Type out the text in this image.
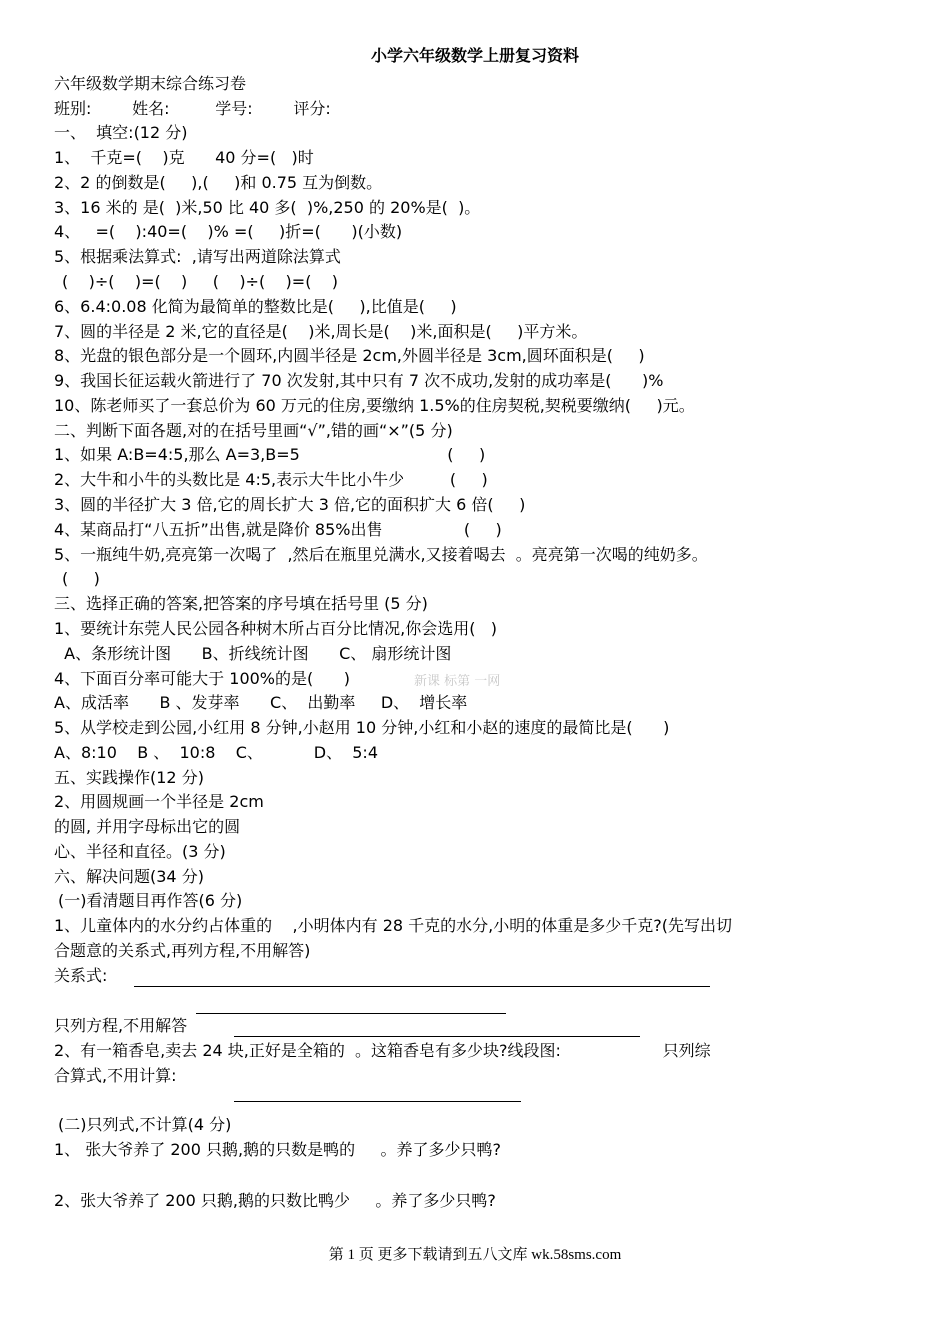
小学六年级数学上册复习资料
六年级数学期末综合练习卷
班别:        姓名:         学号:        评分:
一、  填空:(12 分)
1、  千克=(    )克      40 分=(   )时
2、2 的倒数是(     ),(     )和 0.75 互为倒数。
3、16 米的 是(  )米,50 比 40 多(  )%,250 的 20%是(  )。
4、   =(    ):40=(    )% =(     )折=(      )(小数)
5、根据乘法算式:  ,请写出两道除法算式
(    )÷(    )=(    )     (    )÷(    )=(    )
6、6.4:0.08 化简为最简单的整数比是(     ),比值是(     )
7、圆的半径是 2 米,它的直径是(    )米,周长是(    )米,面积是(     )平方米。
8、光盘的银色部分是一个圆环,内圆半径是 2cm,外圆半径是 3cm,圆环面积是(     )
9、我国长征运载火箭进行了 70 次发射,其中只有 7 次不成功,发射的成功率是(      )%
10、陈老师买了一套总价为 60 万元的住房,要缴纳 1.5%的住房契税,契税要缴纳(     )元。
二、判断下面各题,对的在括号里画“√”,错的画“×”(5 分)
1、如果 A:B=4:5,那么 A=3,B=5                             (     )
2、大牛和小牛的头数比是 4:5,表示大牛比小牛少         (     )
3、圆的半径扩大 3 倍,它的周长扩大 3 倍,它的面积扩大 6 倍(     )
4、某商品打“八五折”出售,就是降价 85%出售                (     )
5、一瓶纯牛奶,亮亮第一次喝了  ,然后在瓶里兑满水,又接着喝去  。亮亮第一次喝的纯奶多。
(     )
三、选择正确的答案,把答案的序号填在括号里 (5 分)
1、要统计东莞人民公园各种树木所占百分比情况,你会选用(   )
A、条形统计图      B、折线统计图      C、 扇形统计图
4、下面百分率可能大于 100%的是(      )	新课 标第 一网
A、成活率      B 、发芽率      C、  出勤率     D、  增长率
5、从学校走到公园,小红用 8 分钟,小赵用 10 分钟,小红和小赵的速度的最简比是(      )
A、8:10    B 、  10:8    C、          D、  5:4
五、实践操作(12 分)
2、用圆规画一个半径是 2cm
的圆, 并用字母标出它的圆
心、半径和直径。(3 分)
六、解决问题(34 分)
(一)看清题目再作答(6 分)
1、儿童体内的水分约占体重的    ,小明体内有 28 千克的水分,小明的体重是多少千克?(先写出切
合题意的关系式,再列方程,不用解答)
关系式:
只列方程,不用解答
2、有一箱香皂,卖去 24 块,正好是全箱的  。这箱香皂有多少块?线段图:                    只列综
合算式,不用计算:
(二)只列式,不计算(4 分)
1、 张大爷养了 200 只鹅,鹅的只数是鸭的     。养了多少只鸭?
2、张大爷养了 200 只鹅,鹅的只数比鸭少     。养了多少只鸭?
第 1 页 更多下载请到五八文库 wk.58sms.com
